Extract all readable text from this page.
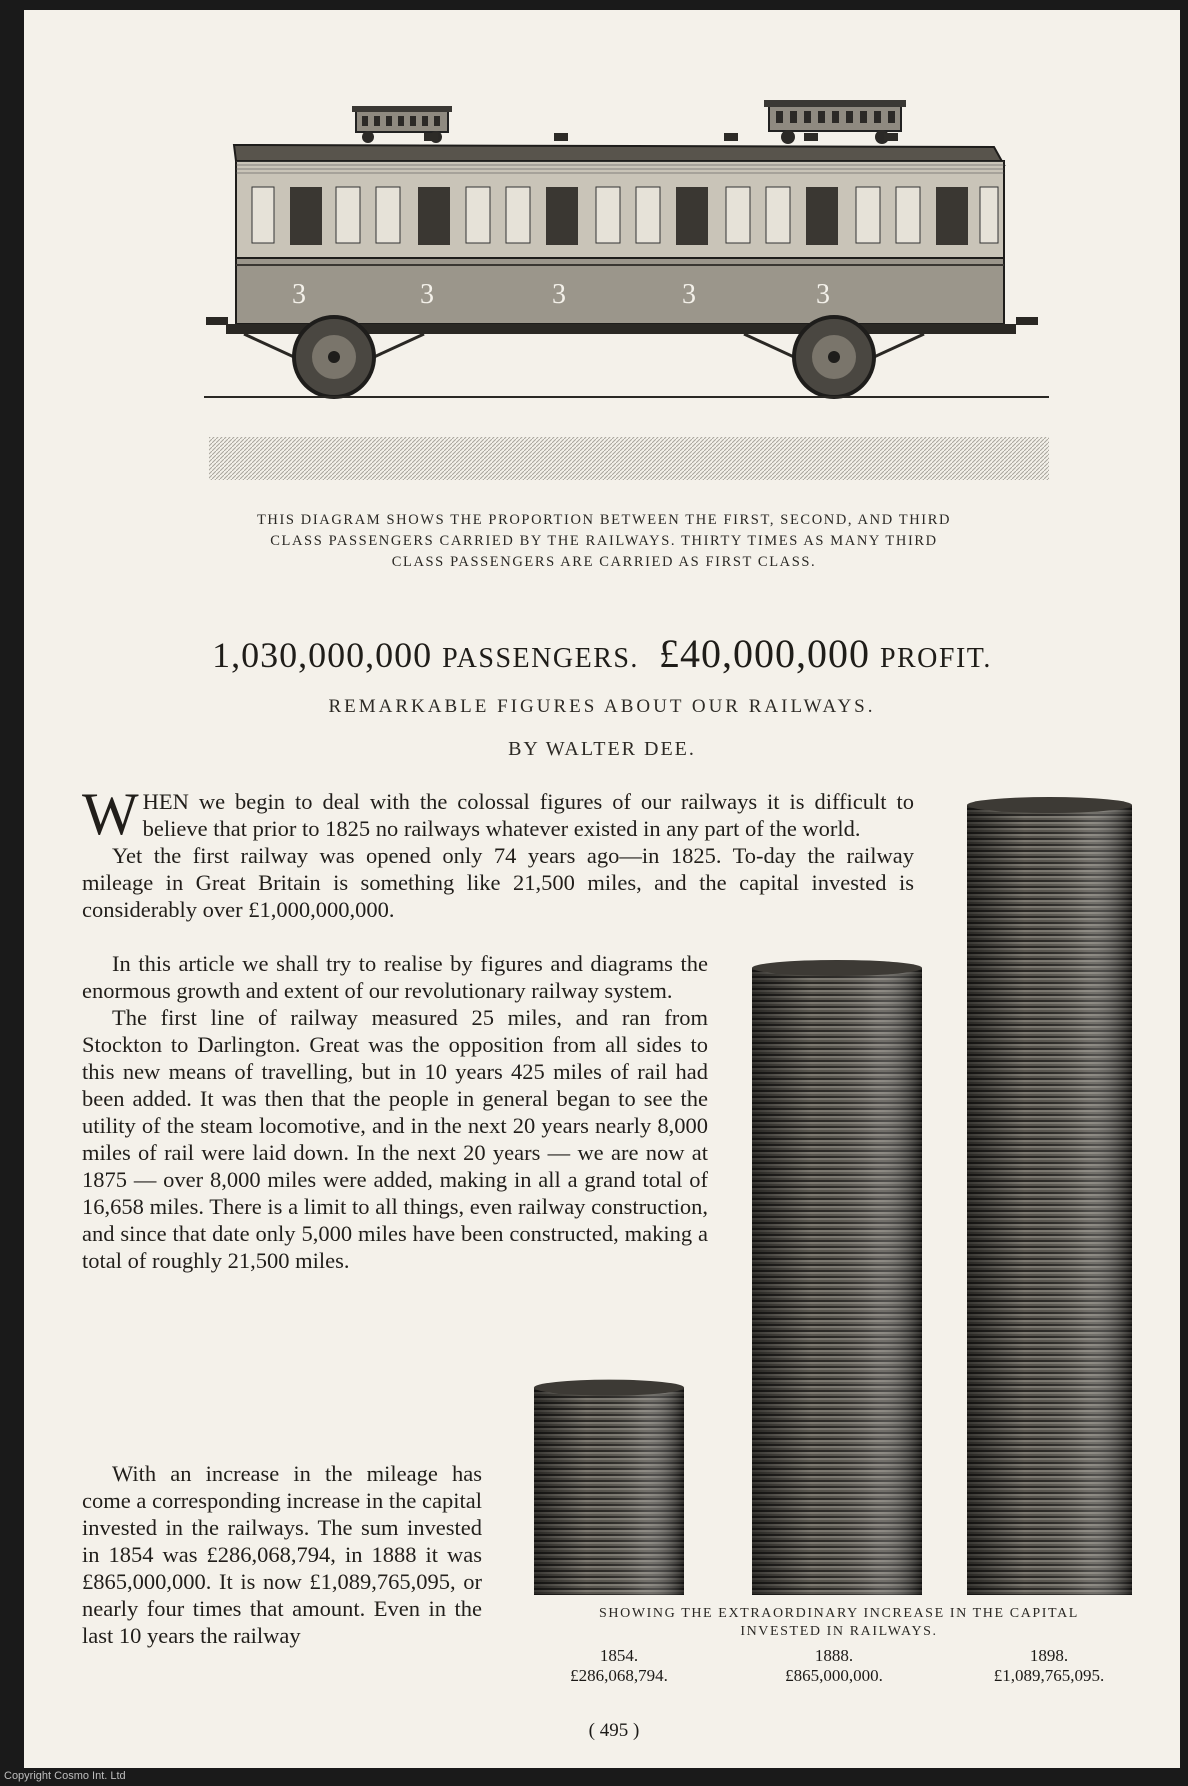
3	3	3	3	3
THIS DIAGRAM SHOWS THE PROPORTION BETWEEN THE FIRST, SECOND, AND THIRD
CLASS PASSENGERS CARRIED BY THE RAILWAYS. THIRTY TIMES AS MANY THIRD
CLASS PASSENGERS ARE CARRIED AS FIRST CLASS.
1,030,000,000 PASSENGERS. £40,000,000 PROFIT.
REMARKABLE FIGURES ABOUT OUR RAILWAYS.
BY WALTER DEE.

WHEN we begin to deal with the colossal figures of our railways it is difficult to believe that prior to 1825 no railways whatever existed in any part of the world.

Yet the first railway was opened only 74 years ago—in 1825. To-day the railway mileage in Great Britain is something like 21,500 miles, and the capital invested is considerably over £1,000,000,000.

In this article we shall try to realise by figures and diagrams the enormous growth and extent of our revolutionary railway system.

The first line of railway measured 25 miles, and ran from Stockton to Darlington. Great was the opposition from all sides to this new means of travelling, but in 10 years 425 miles of rail had been added. It was then that the people in general began to see the utility of the steam locomotive, and in the next 20 years nearly 8,000 miles of rail were laid down. In the next 20 years — we are now at 1875 — over 8,000 miles were added, making in all a grand total of 16,658 miles. There is a limit to all things, even railway construction, and since that date only 5,000 miles have been constructed, making a total of roughly 21,500 miles.

With an increase in the mileage has come a corresponding increase in the capital invested in the railways. The sum invested in 1854 was £286,068,794, in 1888 it was £865,000,000. It is now £1,089,765,095, or nearly four times that amount. Even in the last 10 years the railway

SHOWING THE EXTRAORDINARY INCREASE IN THE CAPITAL
INVESTED IN RAILWAYS.
1854.
£286,068,794.
1888.
£865,000,000.
1898.
£1,089,765,095.
( 495 )
Copyright Cosmo Int. Ltd
